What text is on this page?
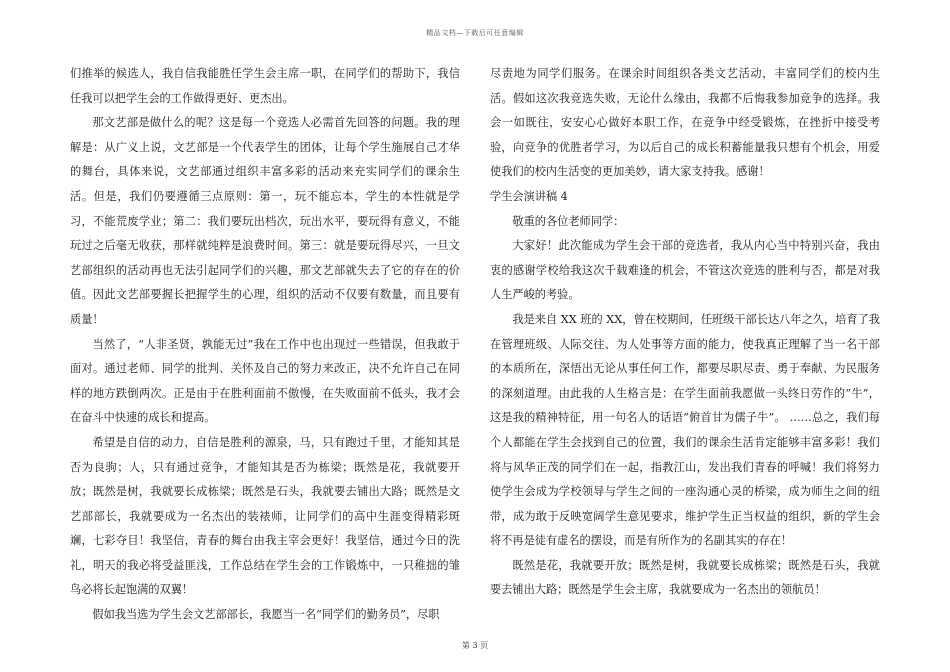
精品文档—下载后可任意编辑

们推举的候选人，我自信我能胜任学生会主席一职，在同学们的帮助下，我信任我可以把学生会的工作做得更好、更杰出。

那文艺部是做什么的呢？这是每一个竞选人必需首先回答的问题。我的理解是：从广义上说，文艺部是一个代表学生的团体，让每个学生施展自己才华的舞台，具体来说，文艺部通过组织丰富多彩的活动来充实同学们的课余生活。但是，我们仍要遵循三点原则：第一，玩不能忘本，学生的本性就是学习，不能荒废学业；第二：我们要玩出档次，玩出水平，要玩得有意义，不能玩过之后毫无收获，那样就纯粹是浪费时间。第三：就是要玩得尽兴，一旦文艺部组织的活动再也无法引起同学们的兴趣，那文艺部就失去了它的存在的价值。因此文艺部要握长把握学生的心理，组织的活动不仅要有数量，而且要有质量！

当然了，“人非圣贤，孰能无过”我在工作中也出现过一些错误，但我敢于面对。通过老师、同学的批判、关怀及自己的努力来改正，决不允许自己在同样的地方跌倒两次。正是由于在胜利面前不傲慢，在失败面前不低头，我才会在奋斗中快速的成长和提高。

希望是自信的动力，自信是胜利的源泉，马，只有跑过千里，才能知其是否为良驹；人，只有通过竞争，才能知其是否为栋梁；既然是花，我就要开放；既然是树，我就要长成栋梁；既然是石头，我就要去铺出大路；既然是文艺部部长，我就要成为一名杰出的装裱师，让同学们的高中生涯变得精彩斑斓，七彩夺目！我坚信，青春的舞台由我主宰会更好！我坚信，通过今日的洗礼，明天的我必将受益匪浅，工作总结在学生会的工作锻炼中，一只稚拙的雏鸟必将长起饱满的双翼！

假如我当选为学生会文艺部部长，我愿当一名“同学们的勤务员”，尽职

尽责地为同学们服务。在课余时间组织各类文艺活动，丰富同学们的校内生活。假如这次我竞选失败，无论什么缘由，我都不后悔我参加竞争的选择。我会一如既往，安安心心做好本职工作，在竞争中经受锻炼，在挫折中接受考验，向竞争的优胜者学习，为以后自己的成长积蓄能量我只想有个机会，用爱使我们的校内生活变的更加美妙，请大家支持我。感谢！

学生会演讲稿 4

敬重的各位老师同学：

大家好！此次能成为学生会干部的竞选者，我从内心当中特别兴奋，我由衷的感谢学校给我这次千载难逢的机会，不管这次竞选的胜利与否，都是对我人生严峻的考验。

我是来自 XX 班的 XX，曾在校期间，任班级干部长达八年之久，培育了我在管理班级、人际交往、为人处事等方面的能力，使我真正理解了当一名干部的本质所在，深悟出无论从事任何工作，都要尽职尽责、勇于奉献、为民服务的深刻道理。由此我的人生格言是：在学生面前我愿做一头终日劳作的“牛”，这是我的精神特征，用一句名人的话语“俯首甘为儒子牛”。 ……总之，我们每个人都能在学生会找到自己的位置，我们的课余生活肯定能够丰富多彩！我们将与风华正茂的同学们在一起，指教江山，发出我们青春的呼喊！我们将努力使学生会成为学校领导与学生之间的一座沟通心灵的桥梁，成为师生之间的纽带，成为敢于反映宽阔学生意见要求，维护学生正当权益的组织，新的学生会将不再是徒有虚名的摆设，而是有所作为的名副其实的存在！

既然是花，我就要开放；既然是树，我就要长成栋梁；既然是石头，我就要去铺出大路；既然是学生会主席，我就要成为一名杰出的领航员！

第 3 页
